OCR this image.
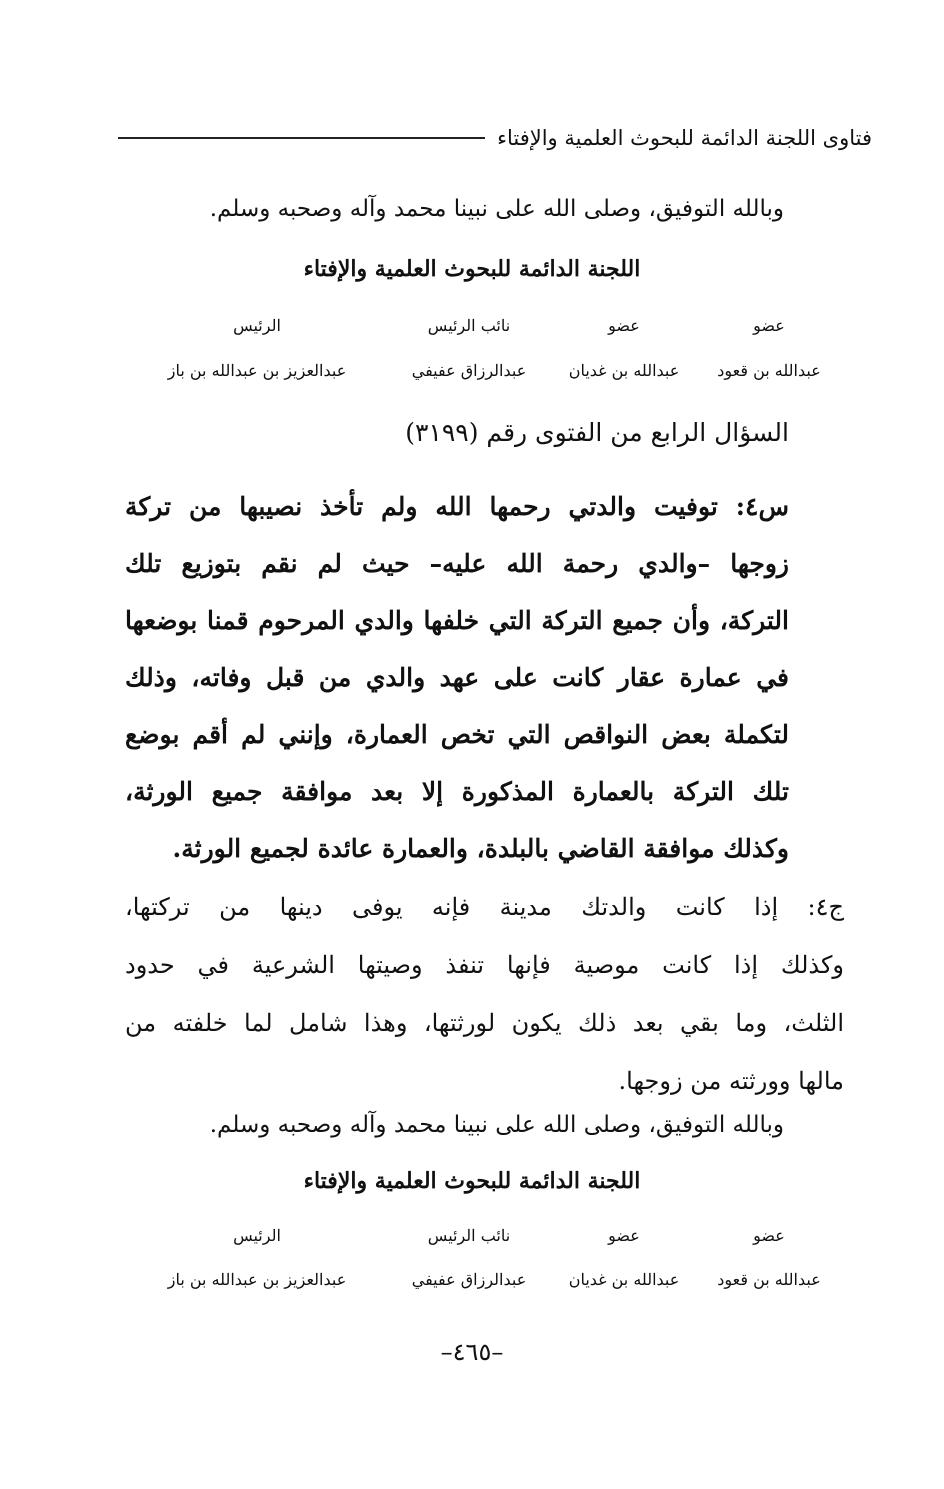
فتاوى اللجنة الدائمة للبحوث العلمية والإفتاء
وبالله التوفيق، وصلى الله على نبينا محمد وآله وصحبه وسلم.
اللجنة الدائمة للبحوث العلمية والإفتاء
عضو
عضو
نائب الرئيس
الرئيس
عبدالله بن قعود
عبدالله بن غديان
عبدالرزاق عفيفي
عبدالعزيز بن عبدالله بن باز
السؤال الرابع من الفتوى رقم (٣١٩٩)
س٤: توفيت والدتي رحمها الله ولم تأخذ نصيبها من تركة
زوجها –والدي رحمة الله عليه– حيث لم نقم بتوزيع تلك
التركة، وأن جميع التركة التي خلفها والدي المرحوم قمنا بوضعها
في عمارة عقار كانت على عهد والدي من قبل وفاته، وذلك
لتكملة بعض النواقص التي تخص العمارة، وإنني لم أقم بوضع
تلك التركة بالعمارة المذكورة إلا بعد موافقة جميع الورثة،
وكذلك موافقة القاضي بالبلدة، والعمارة عائدة لجميع الورثة.
ج٤: إذا كانت والدتك مدينة فإنه يوفى دينها من تركتها،
وكذلك إذا كانت موصية فإنها تنفذ وصيتها الشرعية في حدود
الثلث، وما بقي بعد ذلك يكون لورثتها، وهذا شامل لما خلفته من
مالها وورثته من زوجها.
وبالله التوفيق، وصلى الله على نبينا محمد وآله وصحبه وسلم.
اللجنة الدائمة للبحوث العلمية والإفتاء
عضو
عضو
نائب الرئيس
الرئيس
عبدالله بن قعود
عبدالله بن غديان
عبدالرزاق عفيفي
عبدالعزيز بن عبدالله بن باز
–٤٦٥–
